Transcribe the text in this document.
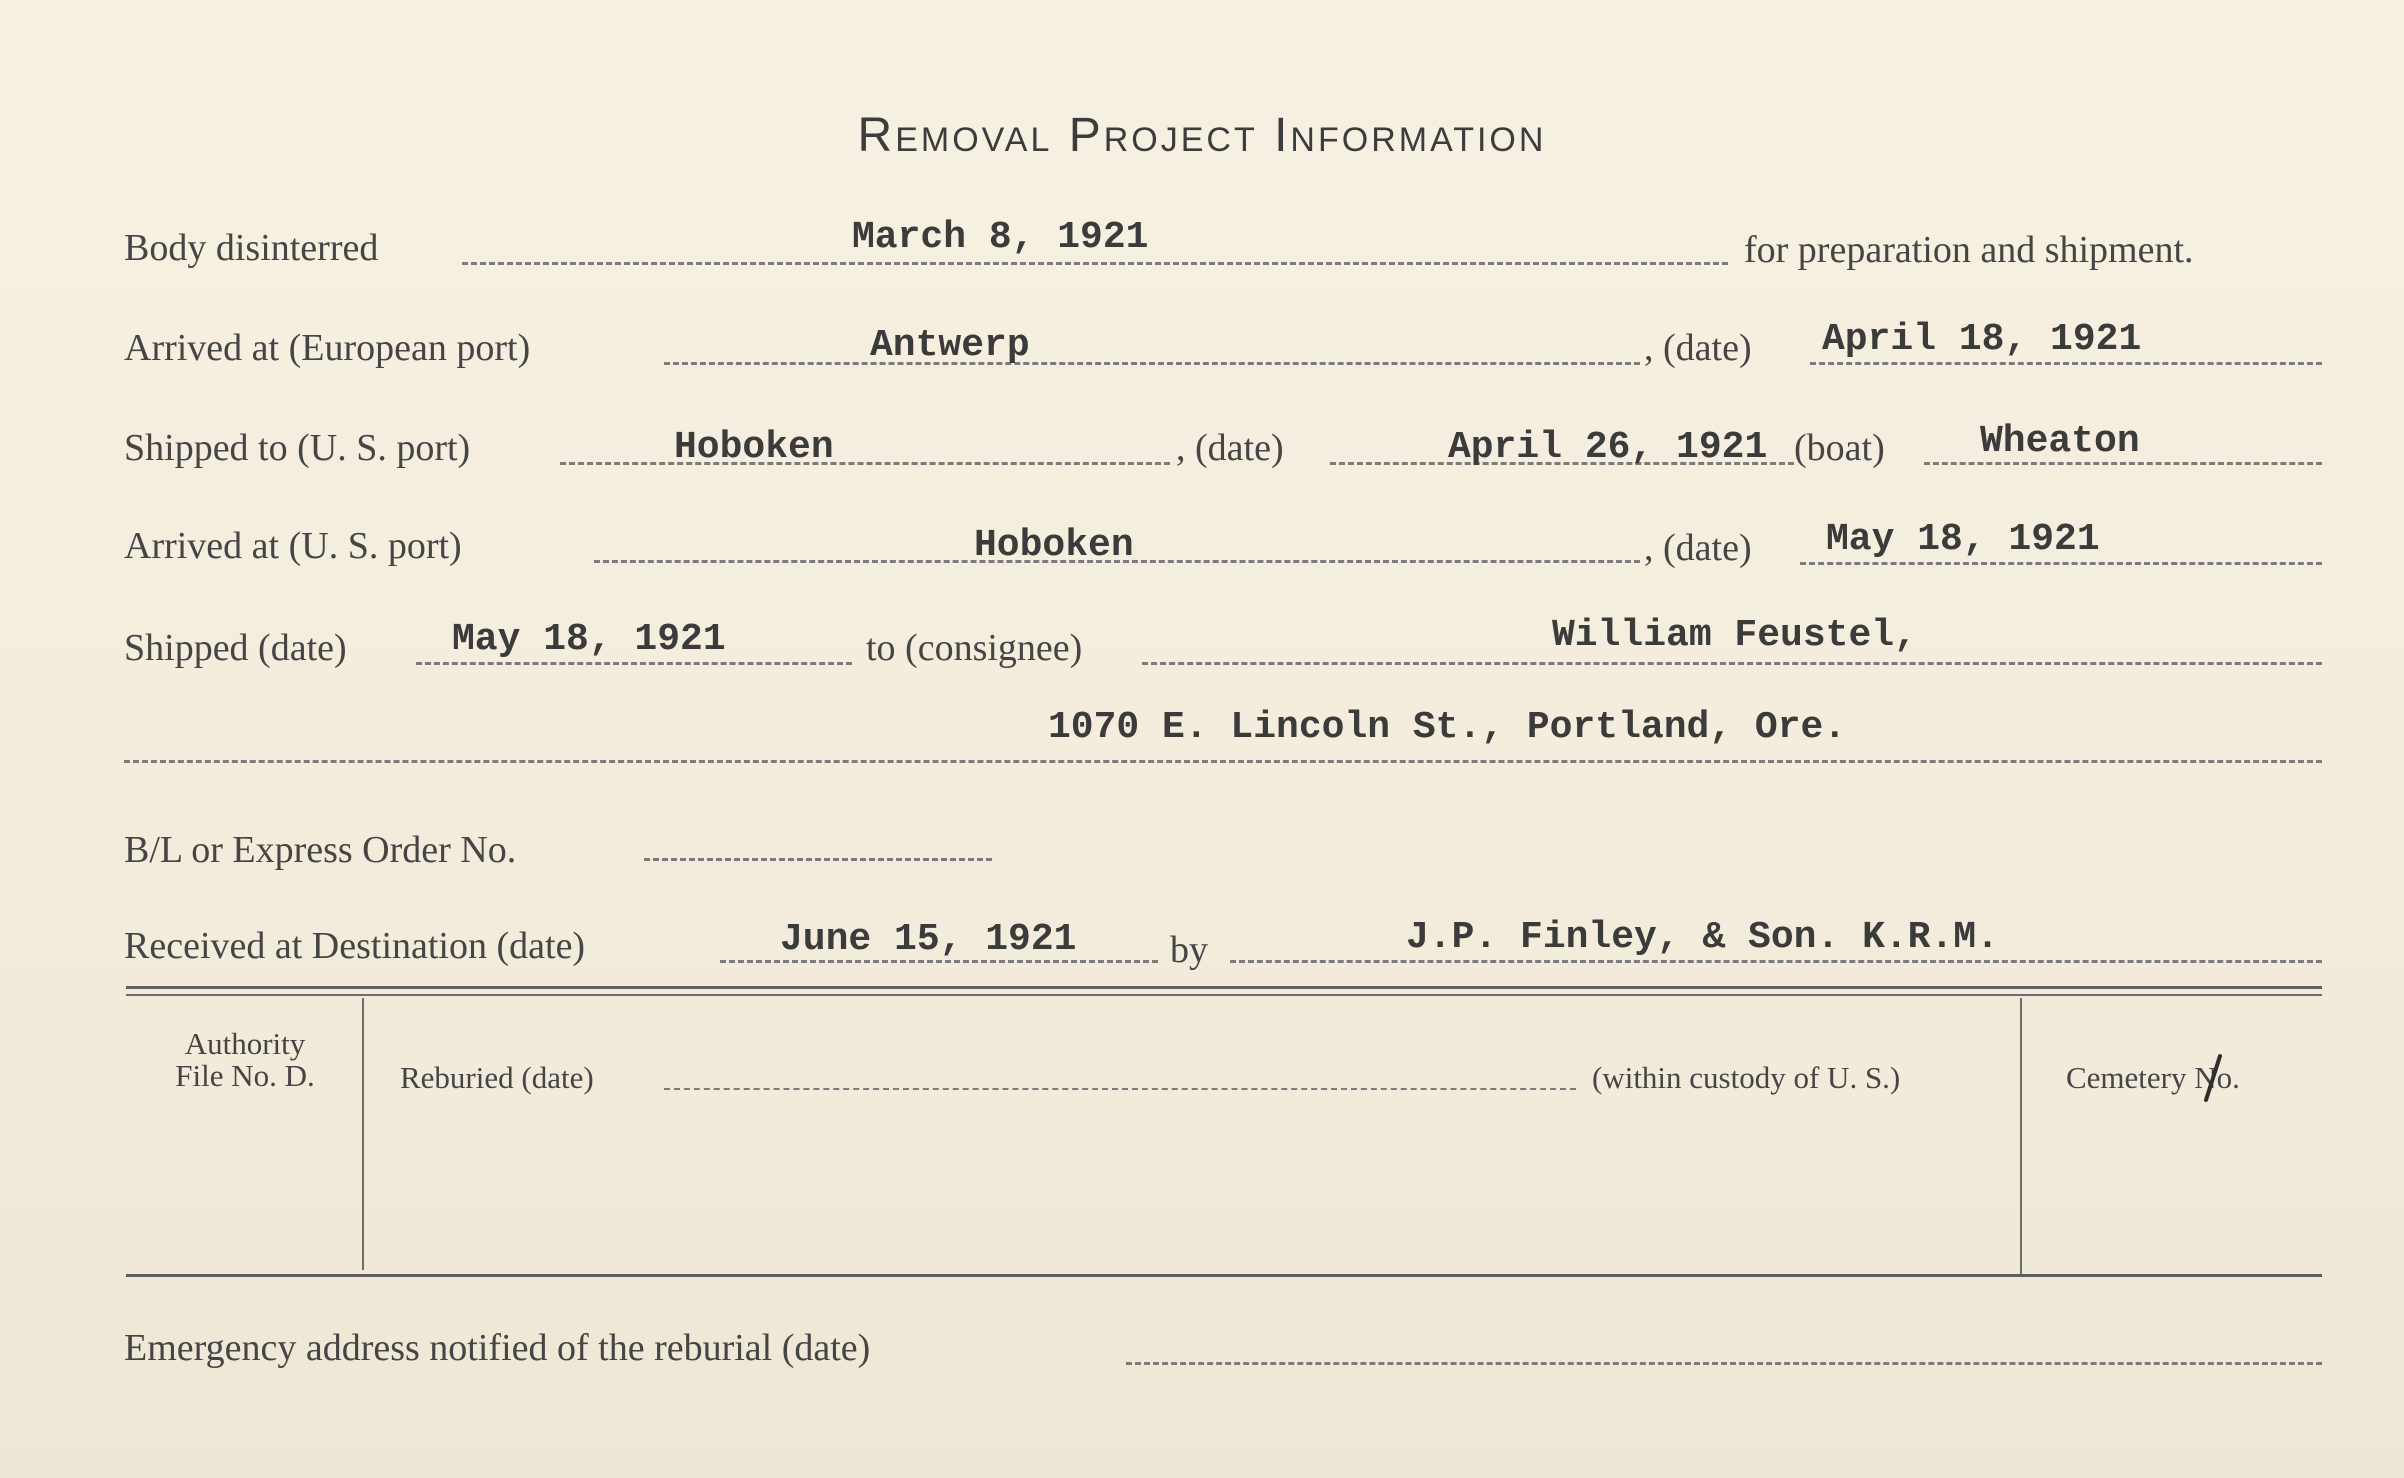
Removal Project Information
Body disinterred	March 8, 1921	for preparation and shipment.
Arrived at (European port)	Antwerp	, (date) April 18, 1921
Shipped to (U. S. port)	Hoboken	, (date)	April 26, 1921 (boat)	Wheaton
Arrived at (U. S. port)	Hoboken	, (date) May 18, 1921
Shipped (date)	May 18, 1921	to (consignee)	William Feustel,
1070 E. Lincoln St., Portland, Ore.
B/L or Express Order No.
Received at Destination (date)	June 15, 1921 by	J.P. Finley, & Son. K.R.M.
Authority
File No. D.	Reburied (date)	(within custody of U. S.)	Cemetery No.
Emergency address notified of the reburial (date)
